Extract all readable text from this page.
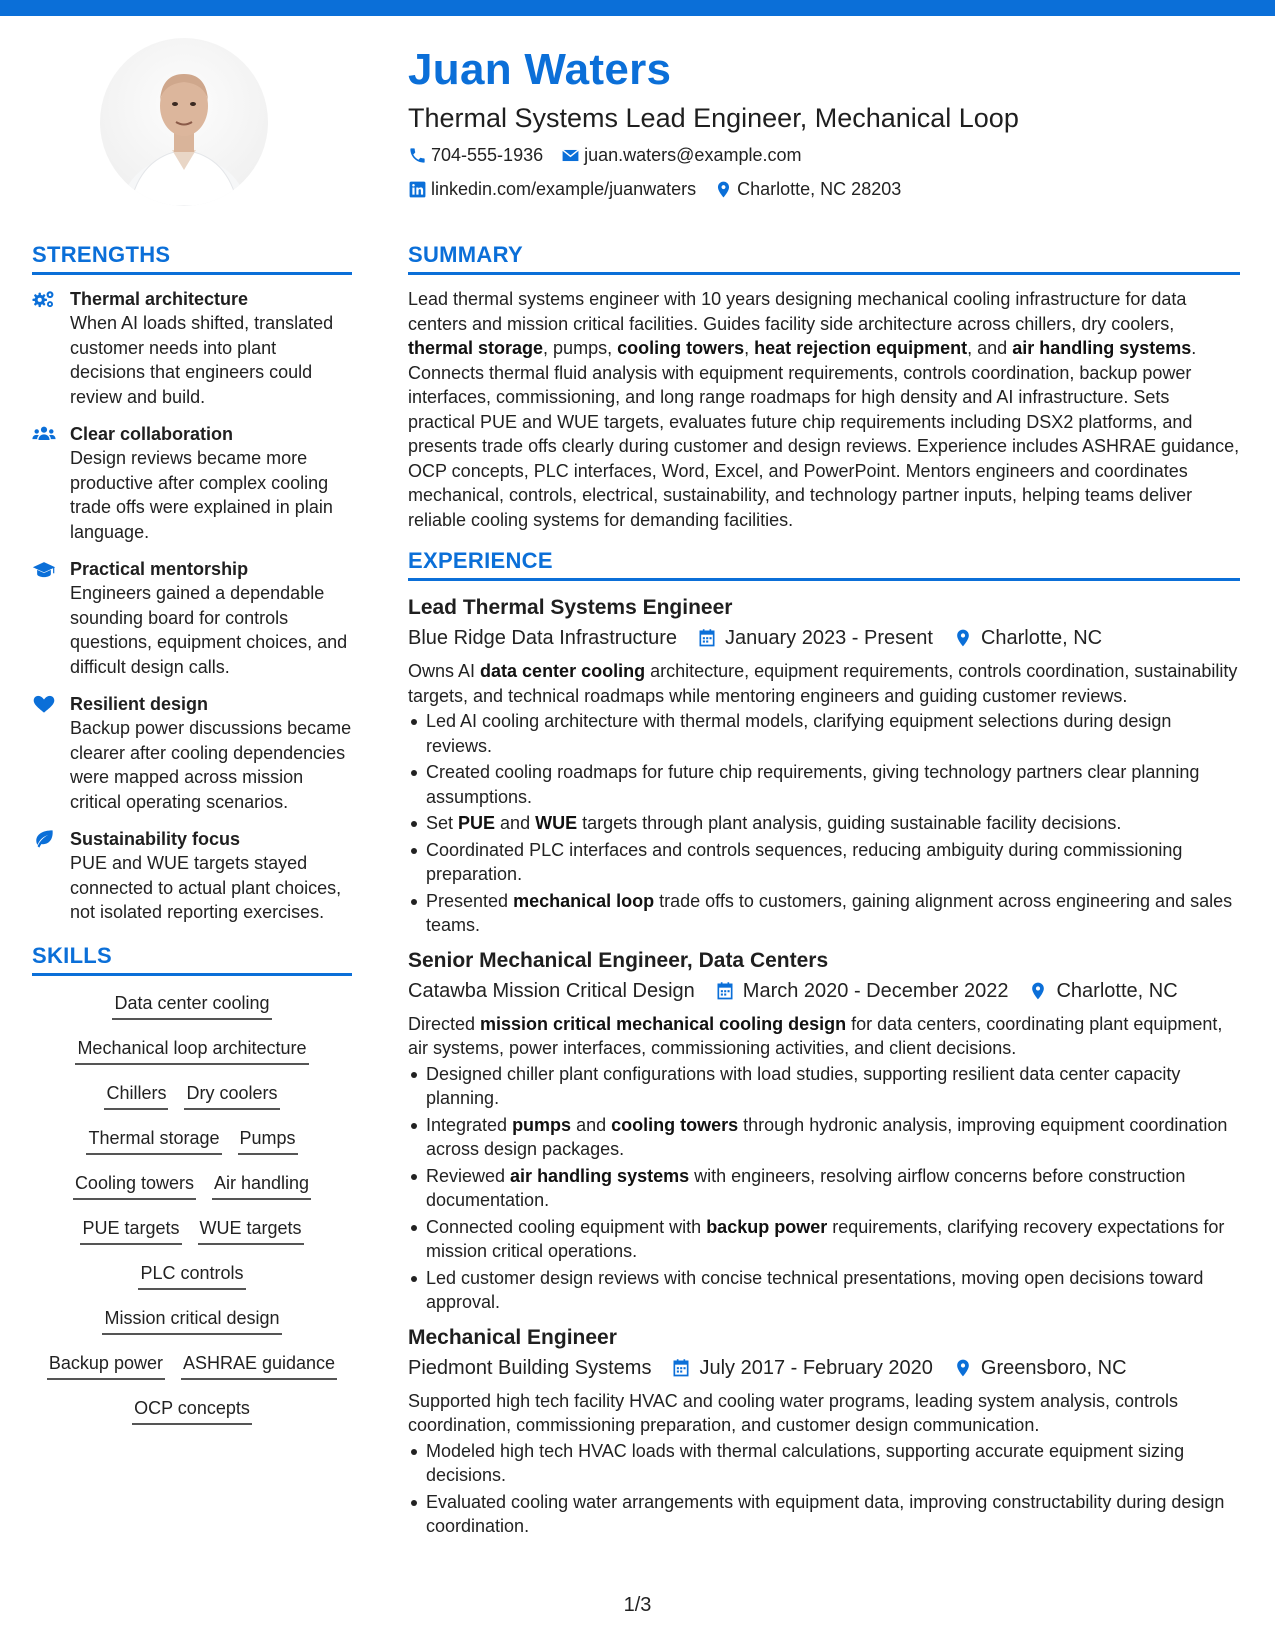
Juan Waters
Thermal Systems Lead Engineer, Mechanical Loop
704-555-1936 juan.waters@example.com
linkedin.com/example/juanwaters Charlotte, NC 28203
STRENGTHS
Thermal architecture
When AI loads shifted, translated customer needs into plant decisions that engineers could review and build.
Clear collaboration
Design reviews became more productive after complex cooling trade offs were explained in plain language.
Practical mentorship
Engineers gained a dependable sounding board for controls questions, equipment choices, and difficult design calls.
Resilient design
Backup power discussions became clearer after cooling dependencies were mapped across mission critical operating scenarios.
Sustainability focus
PUE and WUE targets stayed connected to actual plant choices, not isolated reporting exercises.
SKILLS
Data center cooling
Mechanical loop architecture
Chillers Dry coolers
Thermal storage Pumps
Cooling towers Air handling
PUE targets WUE targets
PLC controls
Mission critical design
Backup power ASHRAE guidance
OCP concepts
SUMMARY
Lead thermal systems engineer with 10 years designing mechanical cooling infrastructure for data centers and mission critical facilities. Guides facility side architecture across chillers, dry coolers, thermal storage, pumps, cooling towers, heat rejection equipment, and air handling systems. Connects thermal fluid analysis with equipment requirements, controls coordination, backup power interfaces, commissioning, and long range roadmaps for high density and AI infrastructure. Sets practical PUE and WUE targets, evaluates future chip requirements including DSX2 platforms, and presents trade offs clearly during customer and design reviews. Experience includes ASHRAE guidance, OCP concepts, PLC interfaces, Word, Excel, and PowerPoint. Mentors engineers and coordinates mechanical, controls, electrical, sustainability, and technology partner inputs, helping teams deliver reliable cooling systems for demanding facilities.
EXPERIENCE
Lead Thermal Systems Engineer
Blue Ridge Data Infrastructure January 2023 - Present Charlotte, NC
Owns AI data center cooling architecture, equipment requirements, controls coordination, sustainability targets, and technical roadmaps while mentoring engineers and guiding customer reviews.
Led AI cooling architecture with thermal models, clarifying equipment selections during design reviews.
Created cooling roadmaps for future chip requirements, giving technology partners clear planning assumptions.
Set PUE and WUE targets through plant analysis, guiding sustainable facility decisions.
Coordinated PLC interfaces and controls sequences, reducing ambiguity during commissioning preparation.
Presented mechanical loop trade offs to customers, gaining alignment across engineering and sales teams.
Senior Mechanical Engineer, Data Centers
Catawba Mission Critical Design March 2020 - December 2022 Charlotte, NC
Directed mission critical mechanical cooling design for data centers, coordinating plant equipment, air systems, power interfaces, commissioning activities, and client decisions.
Designed chiller plant configurations with load studies, supporting resilient data center capacity planning.
Integrated pumps and cooling towers through hydronic analysis, improving equipment coordination across design packages.
Reviewed air handling systems with engineers, resolving airflow concerns before construction documentation.
Connected cooling equipment with backup power requirements, clarifying recovery expectations for mission critical operations.
Led customer design reviews with concise technical presentations, moving open decisions toward approval.
Mechanical Engineer
Piedmont Building Systems July 2017 - February 2020 Greensboro, NC
Supported high tech facility HVAC and cooling water programs, leading system analysis, controls coordination, commissioning preparation, and customer design communication.
Modeled high tech HVAC loads with thermal calculations, supporting accurate equipment sizing decisions.
Evaluated cooling water arrangements with equipment data, improving constructability during design coordination.
1/3
